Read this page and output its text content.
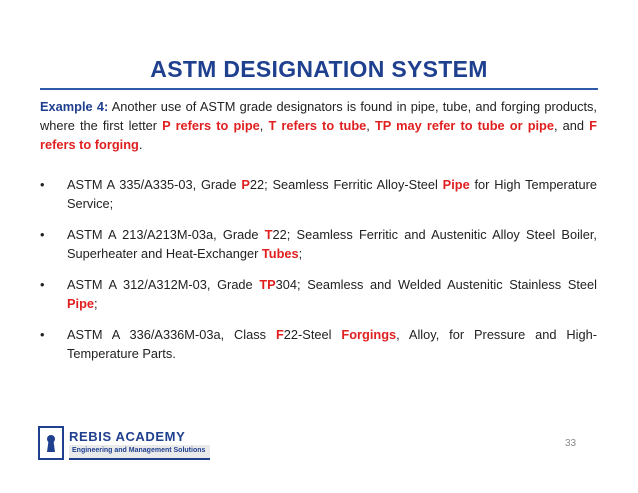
ASTM DESIGNATION SYSTEM
Example 4: Another use of ASTM grade designators is found in pipe, tube, and forging products, where the first letter P refers to pipe, T refers to tube, TP may refer to tube or pipe, and F refers to forging.
• ASTM A 335/A335-03, Grade P22; Seamless Ferritic Alloy-Steel Pipe for High Temperature Service;
• ASTM A 213/A213M-03a, Grade T22; Seamless Ferritic and Austenitic Alloy Steel Boiler, Superheater and Heat-Exchanger Tubes;
• ASTM A 312/A312M-03, Grade TP304; Seamless and Welded Austenitic Stainless Steel Pipe;
• ASTM A 336/A336M-03a, Class F22-Steel Forgings, Alloy, for Pressure and High-Temperature Parts.
REBIS ACADEMY
Engineering and Management Solutions
33
